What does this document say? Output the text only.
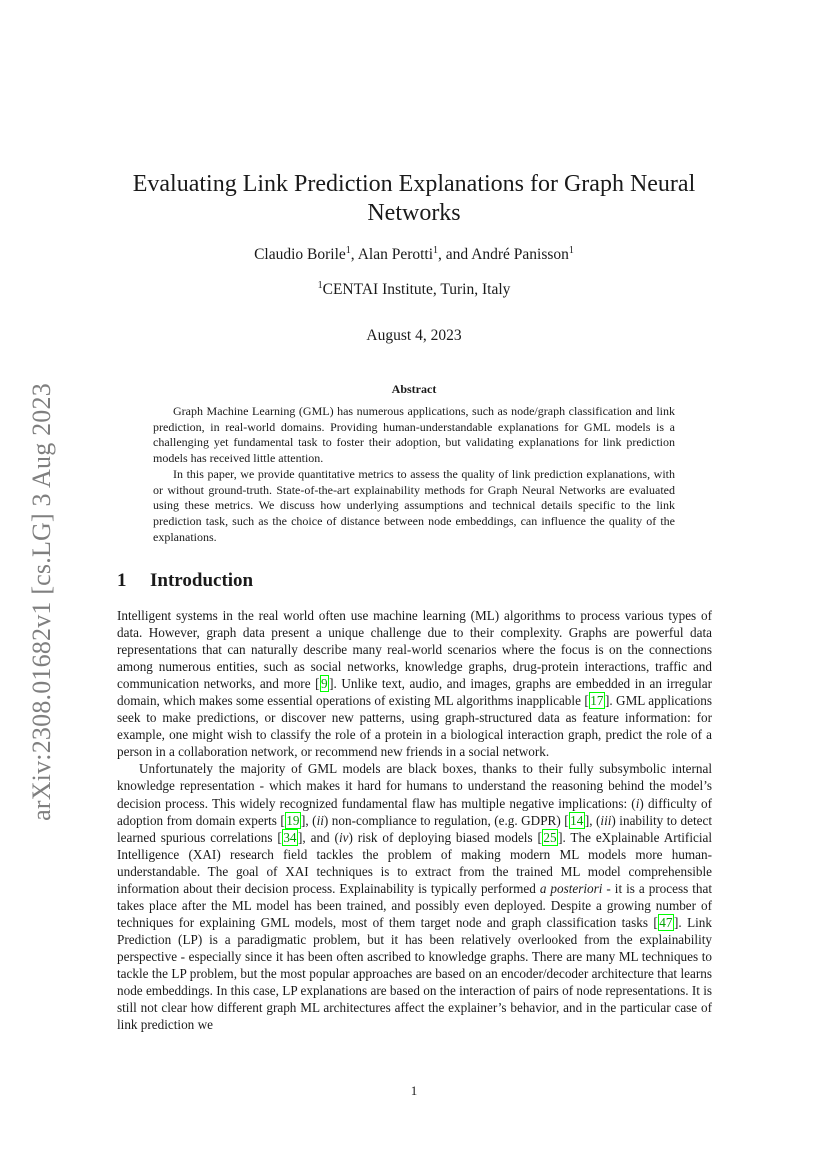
arXiv:2308.01682v1 [cs.LG] 3 Aug 2023
Evaluating Link Prediction Explanations for Graph Neural Networks
Claudio Borile$^1$, Alan Perotti$^1$, and André Panisson$^1$
$^1$CENTAI Institute, Turin, Italy
August 4, 2023
Abstract

Graph Machine Learning (GML) has numerous applications, such as node/graph classification and link prediction, in real-world domains. Providing human-understandable explanations for GML models is a challenging yet fundamental task to foster their adoption, but validating explanations for link prediction models has received little attention.

In this paper, we provide quantitative metrics to assess the quality of link prediction explanations, with or without ground-truth. State-of-the-art explainability methods for Graph Neural Networks are evaluated using these metrics. We discuss how underlying assumptions and technical details specific to the link prediction task, such as the choice of distance between node embeddings, can influence the quality of the explanations.

1 Introduction

Intelligent systems in the real world often use machine learning (ML) algorithms to process various types of data. However, graph data present a unique challenge due to their complexity. Graphs are powerful data representations that can naturally describe many real-world scenarios where the focus is on the connections among numerous entities, such as social networks, knowledge graphs, drug-protein interactions, traffic and communication networks, and more [ 9 ]. Unlike text, audio, and images, graphs are embedded in an irregular domain, which makes some essential operations of existing ML algorithms inapplicable [ 17 ]. GML applications seek to make predictions, or discover new patterns, using graph-structured data as feature information: for example, one might wish to classify the role of a protein in a biological interaction graph, predict the role of a person in a collaboration network, or recommend new friends in a social network.

Unfortunately the majority of GML models are black boxes, thanks to their fully subsymbolic internal knowledge representation - which makes it hard for humans to understand the reasoning behind the model’s decision process. This widely recognized fundamental flaw has multiple negative implications: (i) difficulty of adoption from domain experts [ 19 ], (ii) non-compliance to regulation, (e.g. GDPR) [ 14 ], (iii) inability to detect learned spurious correlations [ 34 ], and (iv) risk of deploying biased models [ 25 ]. The eXplainable Artificial Intelligence (XAI) research field tackles the problem of making modern ML models more human-understandable. The goal of XAI techniques is to extract from the trained ML model comprehensible information about their decision process. Explainability is typically performed a posteriori - it is a process that takes place after the ML model has been trained, and possibly even deployed. Despite a growing number of techniques for explaining GML models, most of them target node and graph classification tasks [ 47 ]. Link Prediction (LP) is a paradigmatic problem, but it has been relatively overlooked from the explainability perspective - especially since it has been often ascribed to knowledge graphs. There are many ML techniques to tackle the LP problem, but the most popular approaches are based on an encoder/decoder architecture that learns node embeddings. In this case, LP explanations are based on the interaction of pairs of node representations. It is still not clear how different graph ML architectures affect the explainer’s behavior, and in the particular case of link prediction we

1
